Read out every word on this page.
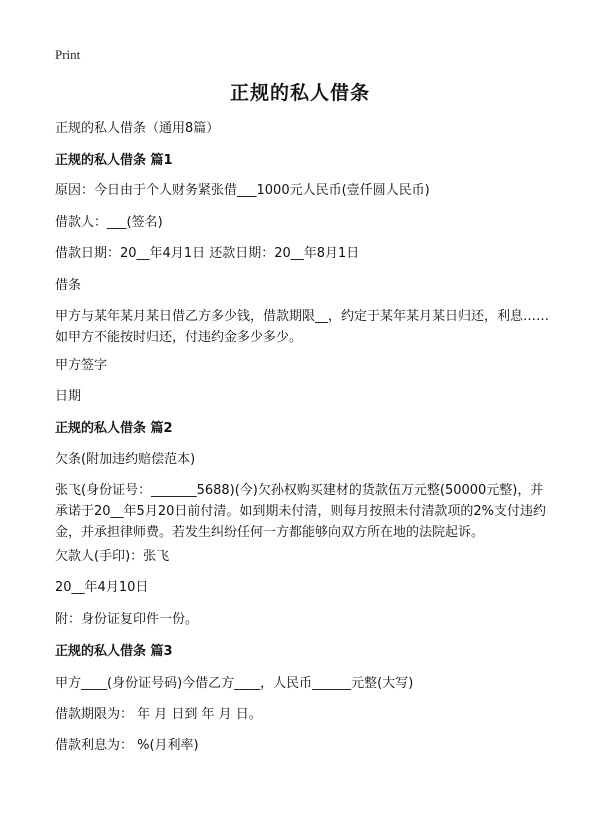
Print
正规的私人借条
正规的私人借条（通用8篇）
正规的私人借条 篇1
原因：今日由于个人财务紧张借___1000元人民币(壹仟圆人民币)
借款人：___(签名)
借款日期：20__年4月1日 还款日期：20__年8月1日
借条
甲方与某年某月某日借乙方多少钱，借款期限__，约定于某年某月某日归还，利息……如甲方不能按时归还，付违约金多少多少。
甲方签字
日期
正规的私人借条 篇2
欠条(附加违约赔偿范本)
张飞(身份证号：_______5688)(今)欠孙权购买建材的货款伍万元整(50000元整)，并承诺于20__年5月20日前付清。如到期未付清，则每月按照未付清款项的2%支付违约金，并承担律师费。若发生纠纷任何一方都能够向双方所在地的法院起诉。
欠款人(手印)：张飞
20__年4月10日
附：身份证复印件一份。
正规的私人借条 篇3
甲方____(身份证号码)今借乙方____，人民币______元整(大写)
借款期限为： 年 月 日到 年 月 日。
借款利息为： %(月利率)
